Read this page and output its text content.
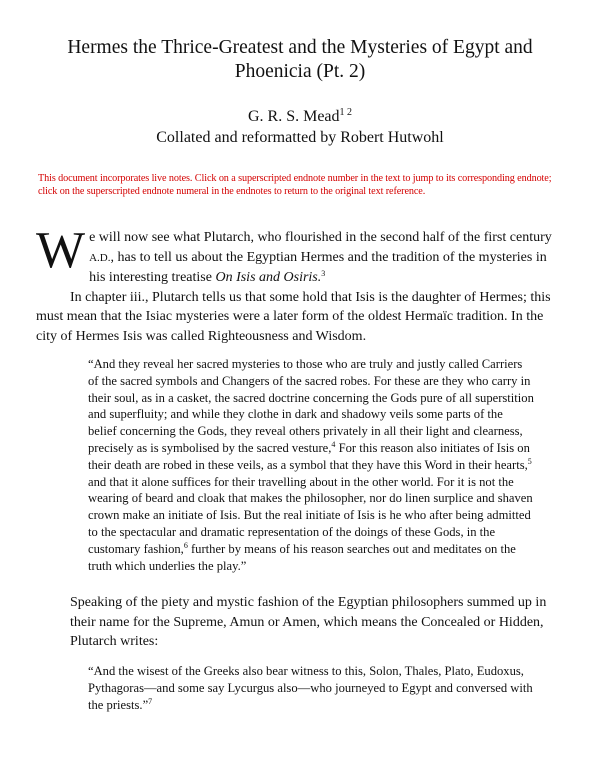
Hermes the Thrice-Greatest and the Mysteries of Egypt and Phoenicia (Pt. 2)
G. R. S. Mead$^{1 2}$
Collated and reformatted by Robert Hutwohl
This document incorporates live notes. Click on a superscripted endnote number in the text to jump to its corresponding endnote; click on the superscripted endnote numeral in the endnotes to return to the original text reference.

We will now see what Plutarch, who flourished in the second half of the first century A.D., has to tell us about the Egyptian Hermes and the tradition of the mysteries in his interesting treatise On Isis and Osiris.$^3$

In chapter iii., Plutarch tells us that some hold that Isis is the daughter of Hermes; this must mean that the Isiac mysteries were a later form of the oldest Hermaïc tradition. In the city of Hermes Isis was called Righteousness and Wisdom.

“And they reveal her sacred mysteries to those who are truly and justly called Carriers of the sacred symbols and Changers of the sacred robes. For these are they who carry in their soul, as in a casket, the sacred doctrine concerning the Gods pure of all superstition and superfluity; and while they clothe in dark and shadowy veils some parts of the belief concerning the Gods, they reveal others privately in all their light and clearness, precisely as is symbolised by the sacred vesture,$^4$ For this reason also initiates of Isis on their death are robed in these veils, as a symbol that they have this Word in their hearts,$^5$ and that it alone suffices for their travelling about in the other world. For it is not the wearing of beard and cloak that makes the philosopher, nor do linen surplice and shaven crown make an initiate of Isis. But the real initiate of Isis is he who after being admitted to the spectacular and dramatic representation of the doings of these Gods, in the customary fashion,$^6$ further by means of his reason searches out and meditates on the truth which underlies the play.”

Speaking of the piety and mystic fashion of the Egyptian philosophers summed up in their name for the Supreme, Amun or Amen, which means the Concealed or Hidden, Plutarch writes:

“And the wisest of the Greeks also bear witness to this, Solon, Thales, Plato, Eudoxus, Pythagoras—and some say Lycurgus also—who journeyed to Egypt and conversed with the priests.”$^7$
